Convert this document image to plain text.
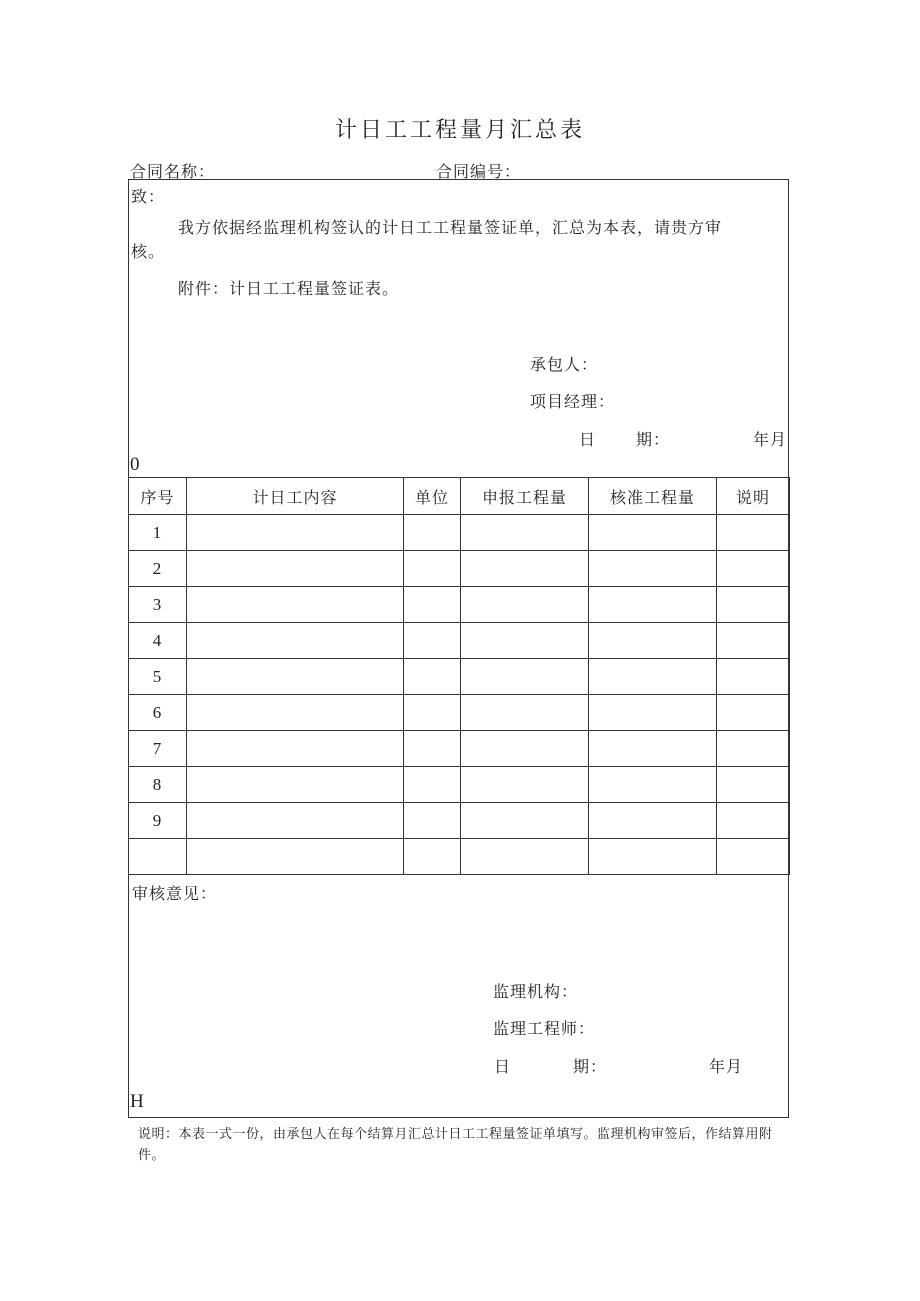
计日工工程量月汇总表
合同名称：	合同编号：
致：
我方依据经监理机构签认的计日工工程量签证单，汇总为本表，请贵方审
核。
附件：计日工工程量签证表。
承包人：
项目经理：
日 期：	年月
0
序号	计日工内容	单位	申报工程量	核准工程量	说明
1					
2					
3					
4					
5					
6					
7					
8					
9					

审核意见：
监理机构：
监理工程师：
日	期：	年月
H
说明：本表一式一份，由承包人在每个结算月汇总计日工工程量签证单填写。监理机构审签后，作结算用附件。
